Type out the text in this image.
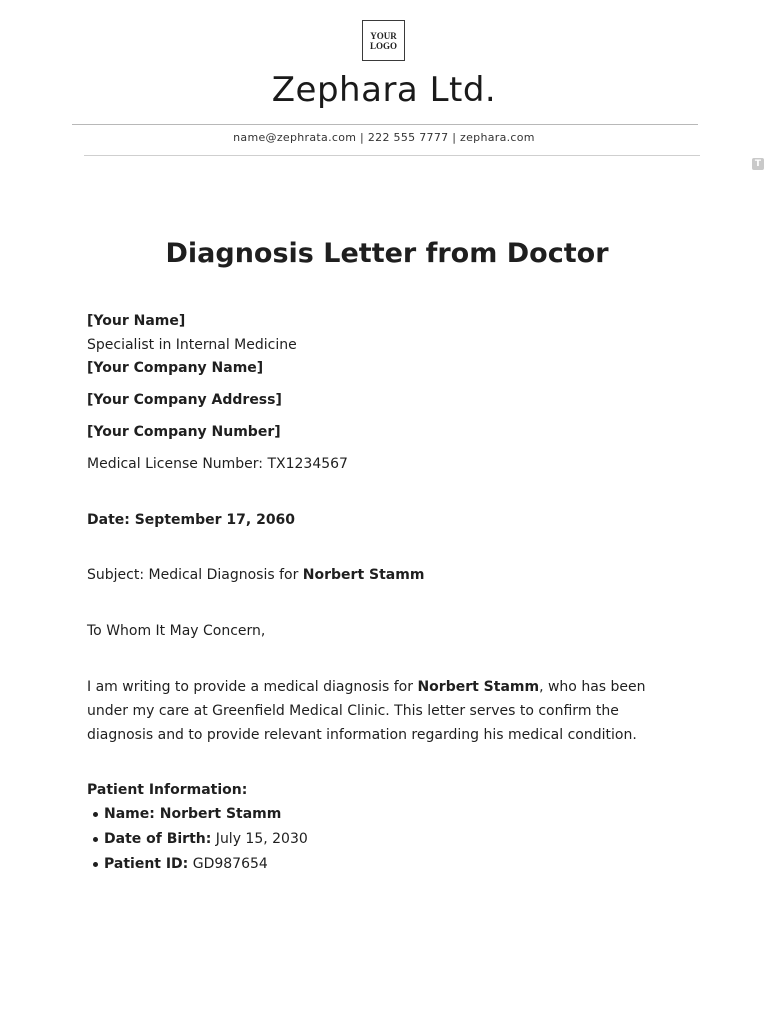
YOUR
LOGO
Zephara Ltd.
name@zephrata.com | 222 555 7777 | zephara.com
T
Diagnosis Letter from Doctor
[Your Name]
Specialist in Internal Medicine
[Your Company Name]
[Your Company Address]
[Your Company Number]
Medical License Number: TX1234567
Date: September 17, 2060
Subject: Medical Diagnosis for Norbert Stamm
To Whom It May Concern,
I am writing to provide a medical diagnosis for Norbert Stamm, who has been under my care at Greenfield Medical Clinic. This letter serves to confirm the diagnosis and to provide relevant information regarding his medical condition.
Patient Information:
Name: Norbert Stamm
Date of Birth: July 15, 2030
Patient ID: GD987654
